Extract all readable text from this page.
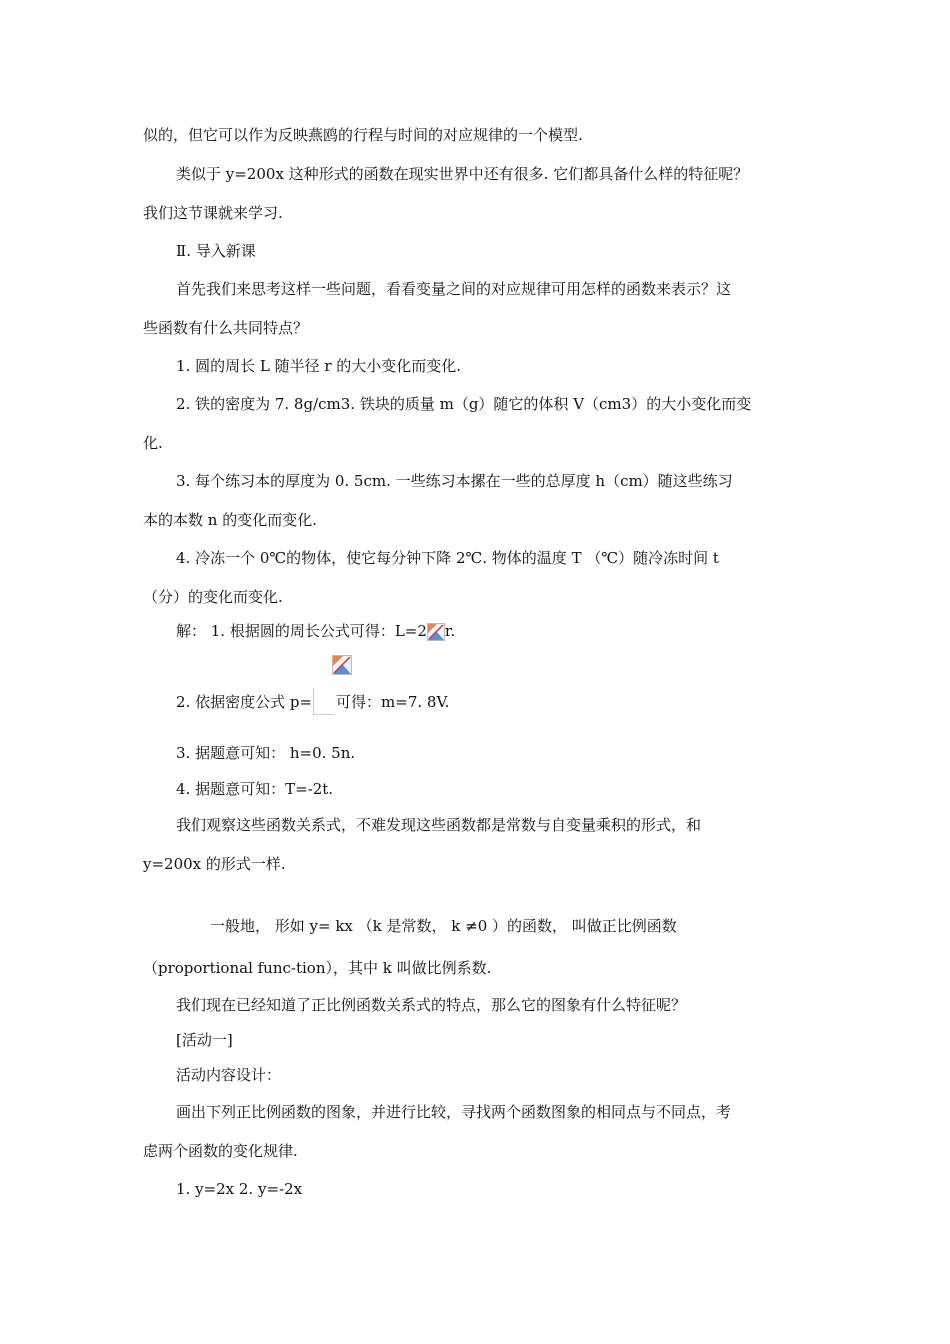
似的，但它可以作为反映燕鸥的行程与时间的对应规律的一个模型.
类似于 y=200x 这种形式的函数在现实世界中还有很多. 它们都具备什么样的特征呢？
我们这节课就来学习.
Ⅱ. 导入新课
首先我们来思考这样一些问题，看看变量之间的对应规律可用怎样的函数来表示？这
些函数有什么共同特点？
1. 圆的周长 L 随半径 r 的大小变化而变化.
2. 铁的密度为 7. 8g/cm3. 铁块的质量 m（g）随它的体积 V（cm3）的大小变化而变
化.
3. 每个练习本的厚度为 0. 5cm. 一些练习本摞在一些的总厚度 h（cm）随这些练习
本的本数 n 的变化而变化.
4. 冷冻一个 0℃的物体，使它每分钟下降 2℃. 物体的温度 T （℃）随冷冻时间 t
（分）的变化而变化.
解： 1. 根据圆的周长公式可得：L=2 r.
2. 依据密度公式 p= 可得：m=7. 8V.
3. 据题意可知： h=0. 5n.
4. 据题意可知：T=-2t.
我们观察这些函数关系式，不难发现这些函数都是常数与自变量乘积的形式，和
y=200x 的形式一样.
一般地， 形如 y= kx （k 是常数， k ≠0 ）的函数， 叫做正比例函数
（proportional func-tion），其中 k 叫做比例系数.
我们现在已经知道了正比例函数关系式的特点，那么它的图象有什么特征呢？
[活动一]
活动内容设计：
画出下列正比例函数的图象，并进行比较，寻找两个函数图象的相同点与不同点，考
虑两个函数的变化规律.
1. y=2x 2. y=-2x
